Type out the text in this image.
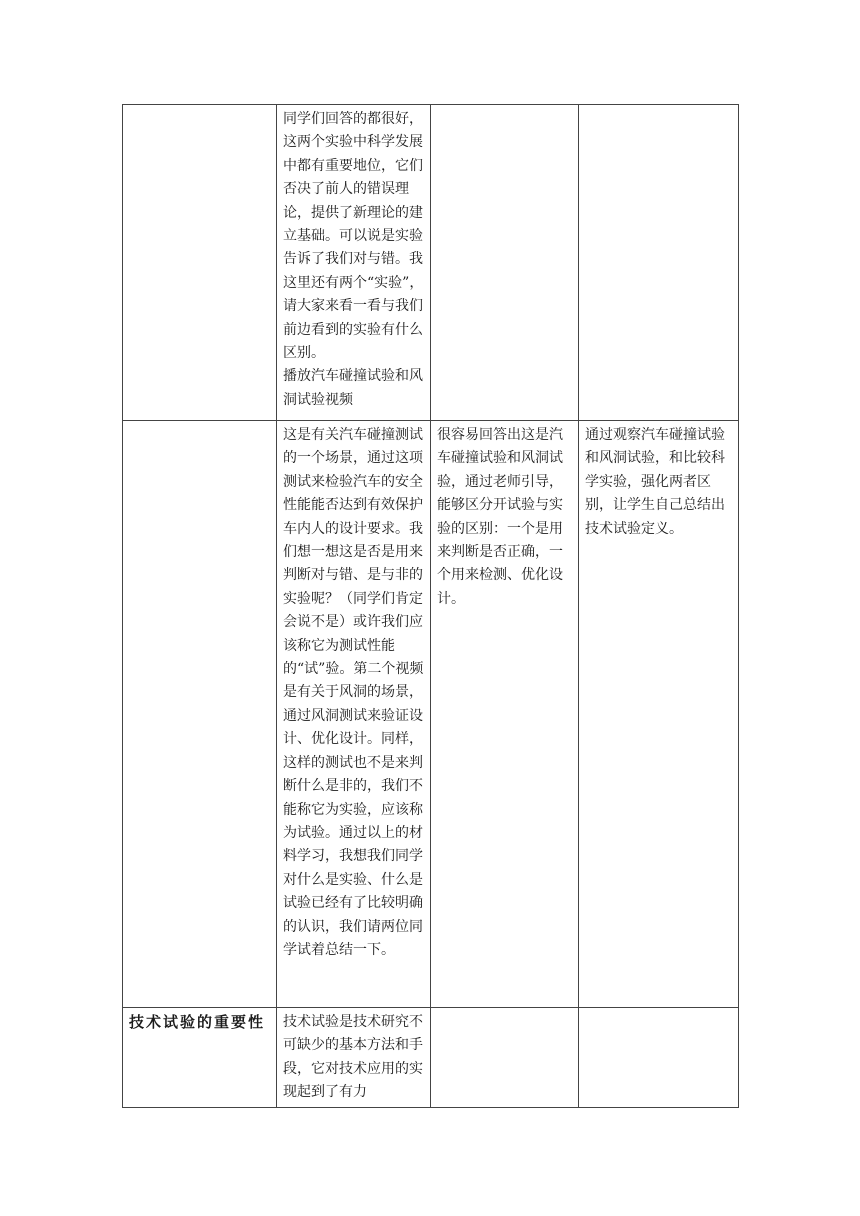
	同学们回答的都很好，这两个实验中科学发展中都有重要地位，它们否决了前人的错误理论，提供了新理论的建立基础。可以说是实验告诉了我们对与错。我这里还有两个“实验”，请大家来看一看与我们前边看到的实验有什么区别。
播放汽车碰撞试验和风洞试验视频		

	这是有关汽车碰撞测试的一个场景，通过这项测试来检验汽车的安全性能能否达到有效保护车内人的设计要求。我们想一想这是否是用来判断对与错、是与非的实验呢？（同学们肯定会说不是）或许我们应该称它为测试性能的“试”验。第二个视频是有关于风洞的场景，通过风洞测试来验证设计、优化设计。同样，这样的测试也不是来判断什么是非的，我们不能称它为实验，应该称为试验。通过以上的材料学习，我想我们同学对什么是实验、什么是试验已经有了比较明确的认识，我们请两位同学试着总结一下。	很容易回答出这是汽车碰撞试验和风洞试验，通过老师引导，能够区分开试验与实验的区别：一个是用来判断是否正确，一个用来检测、优化设计。	通过观察汽车碰撞试验和风洞试验，和比较科学实验，强化两者区别，让学生自己总结出技术试验定义。

技术试验的重要性	技术试验是技术研究不可缺少的基本方法和手段，它对技术应用的实现起到了有力		
